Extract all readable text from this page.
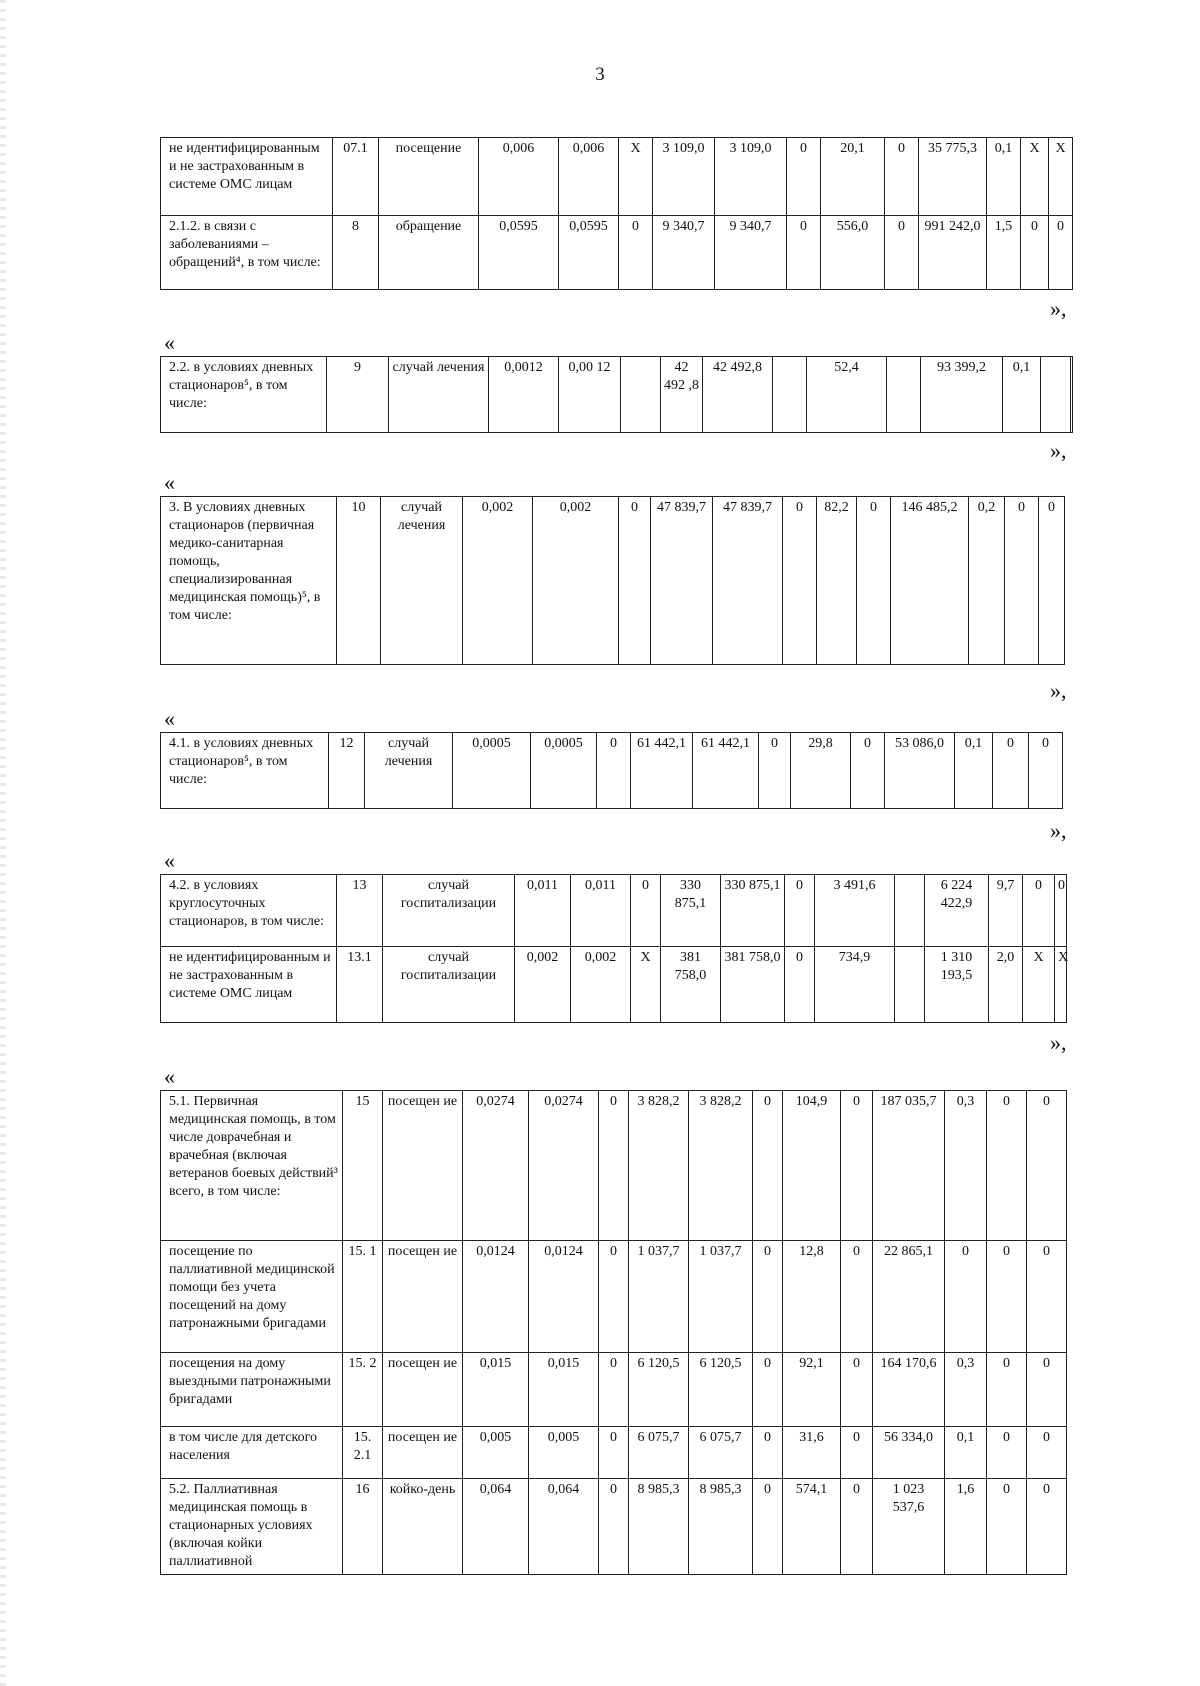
3
не идентифицированным и не застрахованным в системе ОМС лицам	07.1	посещение	0,006	0,006	Х	3 109,0	3 109,0	0	20,1	0	35 775,3	0,1	Х	Х
2.1.2. в связи с заболеваниями – обращений⁴, в том числе:	8	обращение	0,0595	0,0595	0	9 340,7	9 340,7	0	556,0	0	991 242,0	1,5	0	0
»,
«
2.2. в условиях дневных стационаров⁵, в том числе:	9	случай лечения	0,0012	0,00 12		42 492 ,8	42 492,8		52,4		93 399,2	0,1		
»,
«
3. В условиях дневных стационаров (первичная медико-санитарная помощь, специализированная медицинская помощь)⁵, в том числе:	10	случай лечения	0,002	0,002	0	47 839,7	47 839,7	0	82,2	0	146 485,2	0,2	0	0
»,
«
4.1. в условиях дневных стационаров⁵, в том числе:	12	случай лечения	0,0005	0,0005	0	61 442,1	61 442,1	0	29,8	0	53 086,0	0,1	0	0
»,
«
4.2. в условиях круглосуточных стационаров, в том числе:	13	случай госпитализации	0,011	0,011	0	330 875,1	330 875,1	0	3 491,6		6 224 422,9	9,7	0	0
не идентифицированным и не застрахованным в системе ОМС лицам	13.1	случай госпитализации	0,002	0,002	Х	381 758,0	381 758,0	0	734,9		1 310 193,5	2,0	Х	Х
»,
«
5.1. Первичная медицинская помощь, в том числе доврачебная и врачебная (включая ветеранов боевых действий³ всего, в том числе:	15	посещен ие	0,0274	0,0274	0	3 828,2	3 828,2	0	104,9	0	187 035,7	0,3	0	0
посещение по паллиативной медицинской помощи без учета посещений на дому патронажными бригадами	15. 1	посещен ие	0,0124	0,0124	0	1 037,7	1 037,7	0	12,8	0	22 865,1	0	0	0
посещения на дому выездными патронажными бригадами	15. 2	посещен ие	0,015	0,015	0	6 120,5	6 120,5	0	92,1	0	164 170,6	0,3	0	0
в том числе для детского населения	15. 2.1	посещен ие	0,005	0,005	0	6 075,7	6 075,7	0	31,6	0	56 334,0	0,1	0	0
5.2. Паллиативная медицинская помощь в стационарных условиях (включая койки паллиативной	16	койко-день	0,064	0,064	0	8 985,3	8 985,3	0	574,1	0	1 023 537,6	1,6	0	0
